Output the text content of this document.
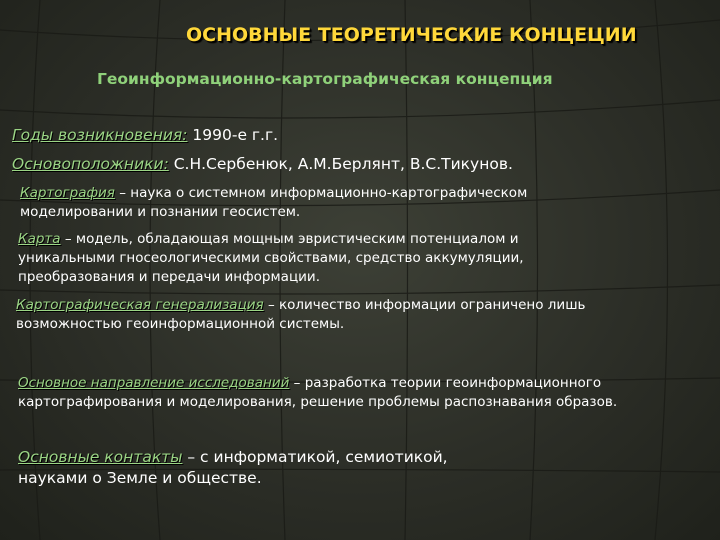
ОСНОВНЫЕ ТЕОРЕТИЧЕСКИЕ КОНЦЕЦИИ
Геоинформационно-картографическая концепция
Годы возникновения: 1990-е г.г.
Основоположники: С.Н.Сербенюк, А.М.Берлянт, В.С.Тикунов.
Картография – наука о системном информационно-картографическом
моделировании и познании геосистем.
Карта – модель, обладающая мощным эвристическим потенциалом и
уникальными гносеологическими свойствами, средство аккумуляции,
преобразования и передачи информации.
Картографическая генерализация – количество информации ограничено лишь
возможностью геоинформационной системы.
Основное направление исследований – разработка теории геоинформационного
картографирования и моделирования, решение проблемы распознавания образов.
Основные контакты – с информатикой, семиотикой,
науками о Земле и обществе.
